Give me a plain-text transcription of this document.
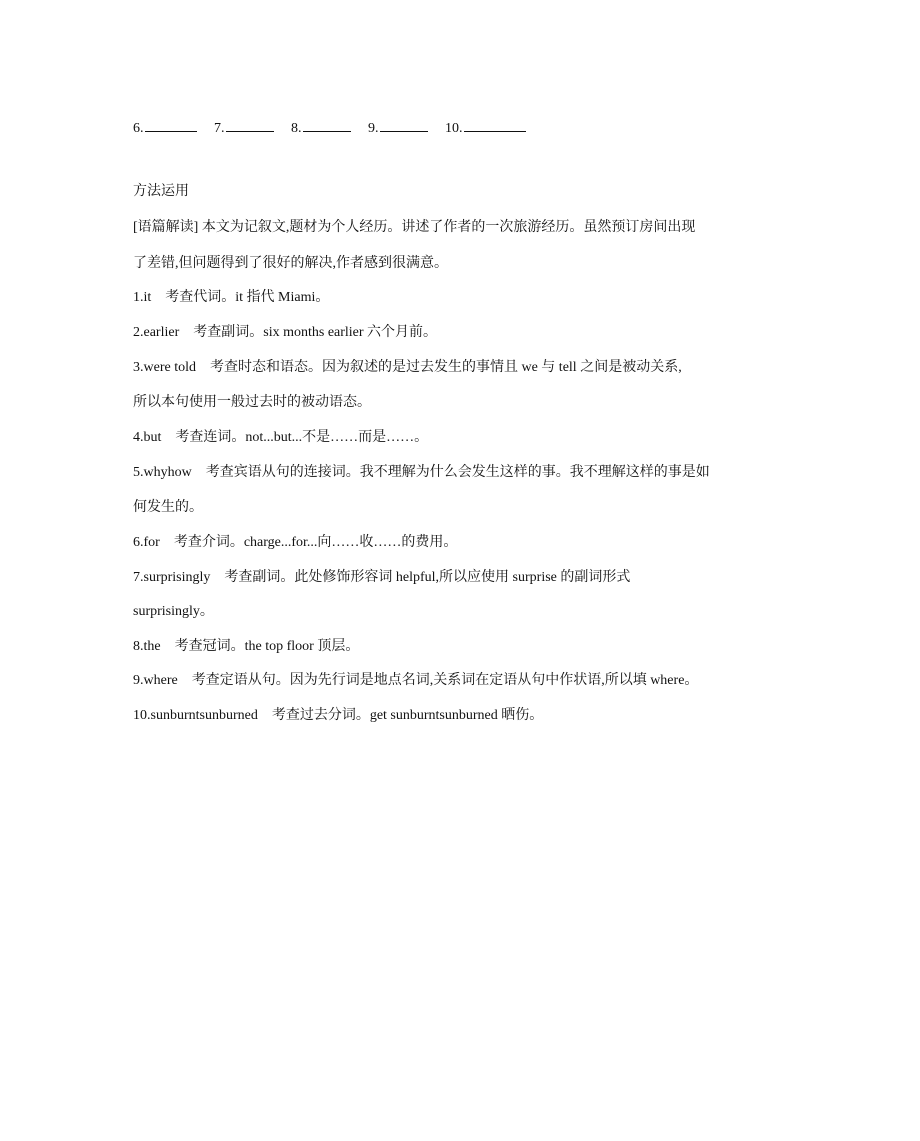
6.	7.	8.	9.	10.
方法运用
[语篇解读] 本文为记叙文,题材为个人经历。讲述了作者的一次旅游经历。虽然预订房间出现
了差错,但问题得到了很好的解决,作者感到很满意。
1.it 考查代词。it 指代 Miami。
2.earlier 考查副词。six months earlier 六个月前。
3.were told 考查时态和语态。因为叙述的是过去发生的事情且 we 与 tell 之间是被动关系,
所以本句使用一般过去时的被动语态。
4.but 考查连词。not...but...不是……而是……。
5.whyhow 考查宾语从句的连接词。我不理解为什么会发生这样的事。我不理解这样的事是如
何发生的。
6.for 考查介词。charge...for...向……收……的费用。
7.surprisingly 考查副词。此处修饰形容词 helpful,所以应使用 surprise 的副词形式
surprisingly。
8.the 考查冠词。the top floor 顶层。
9.where 考查定语从句。因为先行词是地点名词,关系词在定语从句中作状语,所以填 where。
10.sunburntsunburned 考查过去分词。get sunburntsunburned 晒伤。
